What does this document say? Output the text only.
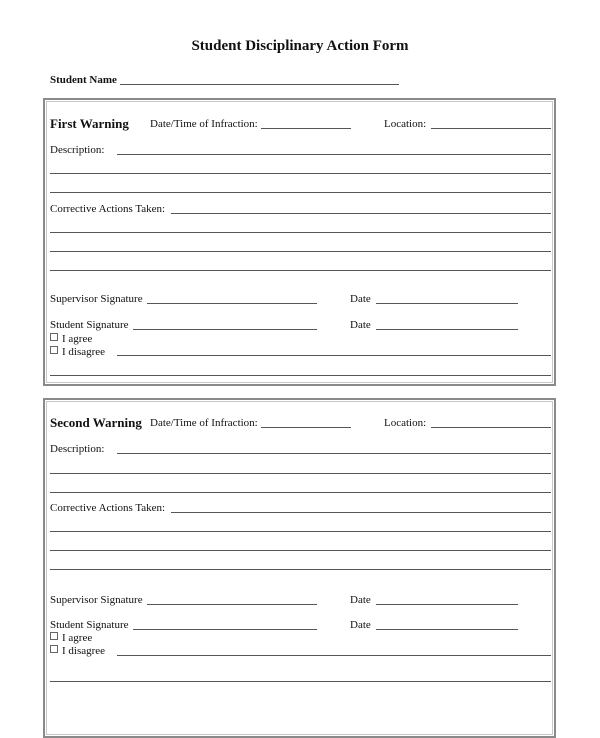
Student Disciplinary Action Form
Student Name
First Warning Date/Time of Infraction:	Location:
Description:
Corrective Actions Taken:
Supervisor Signature	Date
Student Signature	Date
I agree
I disagree
Second Warning Date/Time of Infraction:	Location:
Description:
Corrective Actions Taken:
Supervisor Signature	Date
Student Signature	Date
I agree
I disagree
